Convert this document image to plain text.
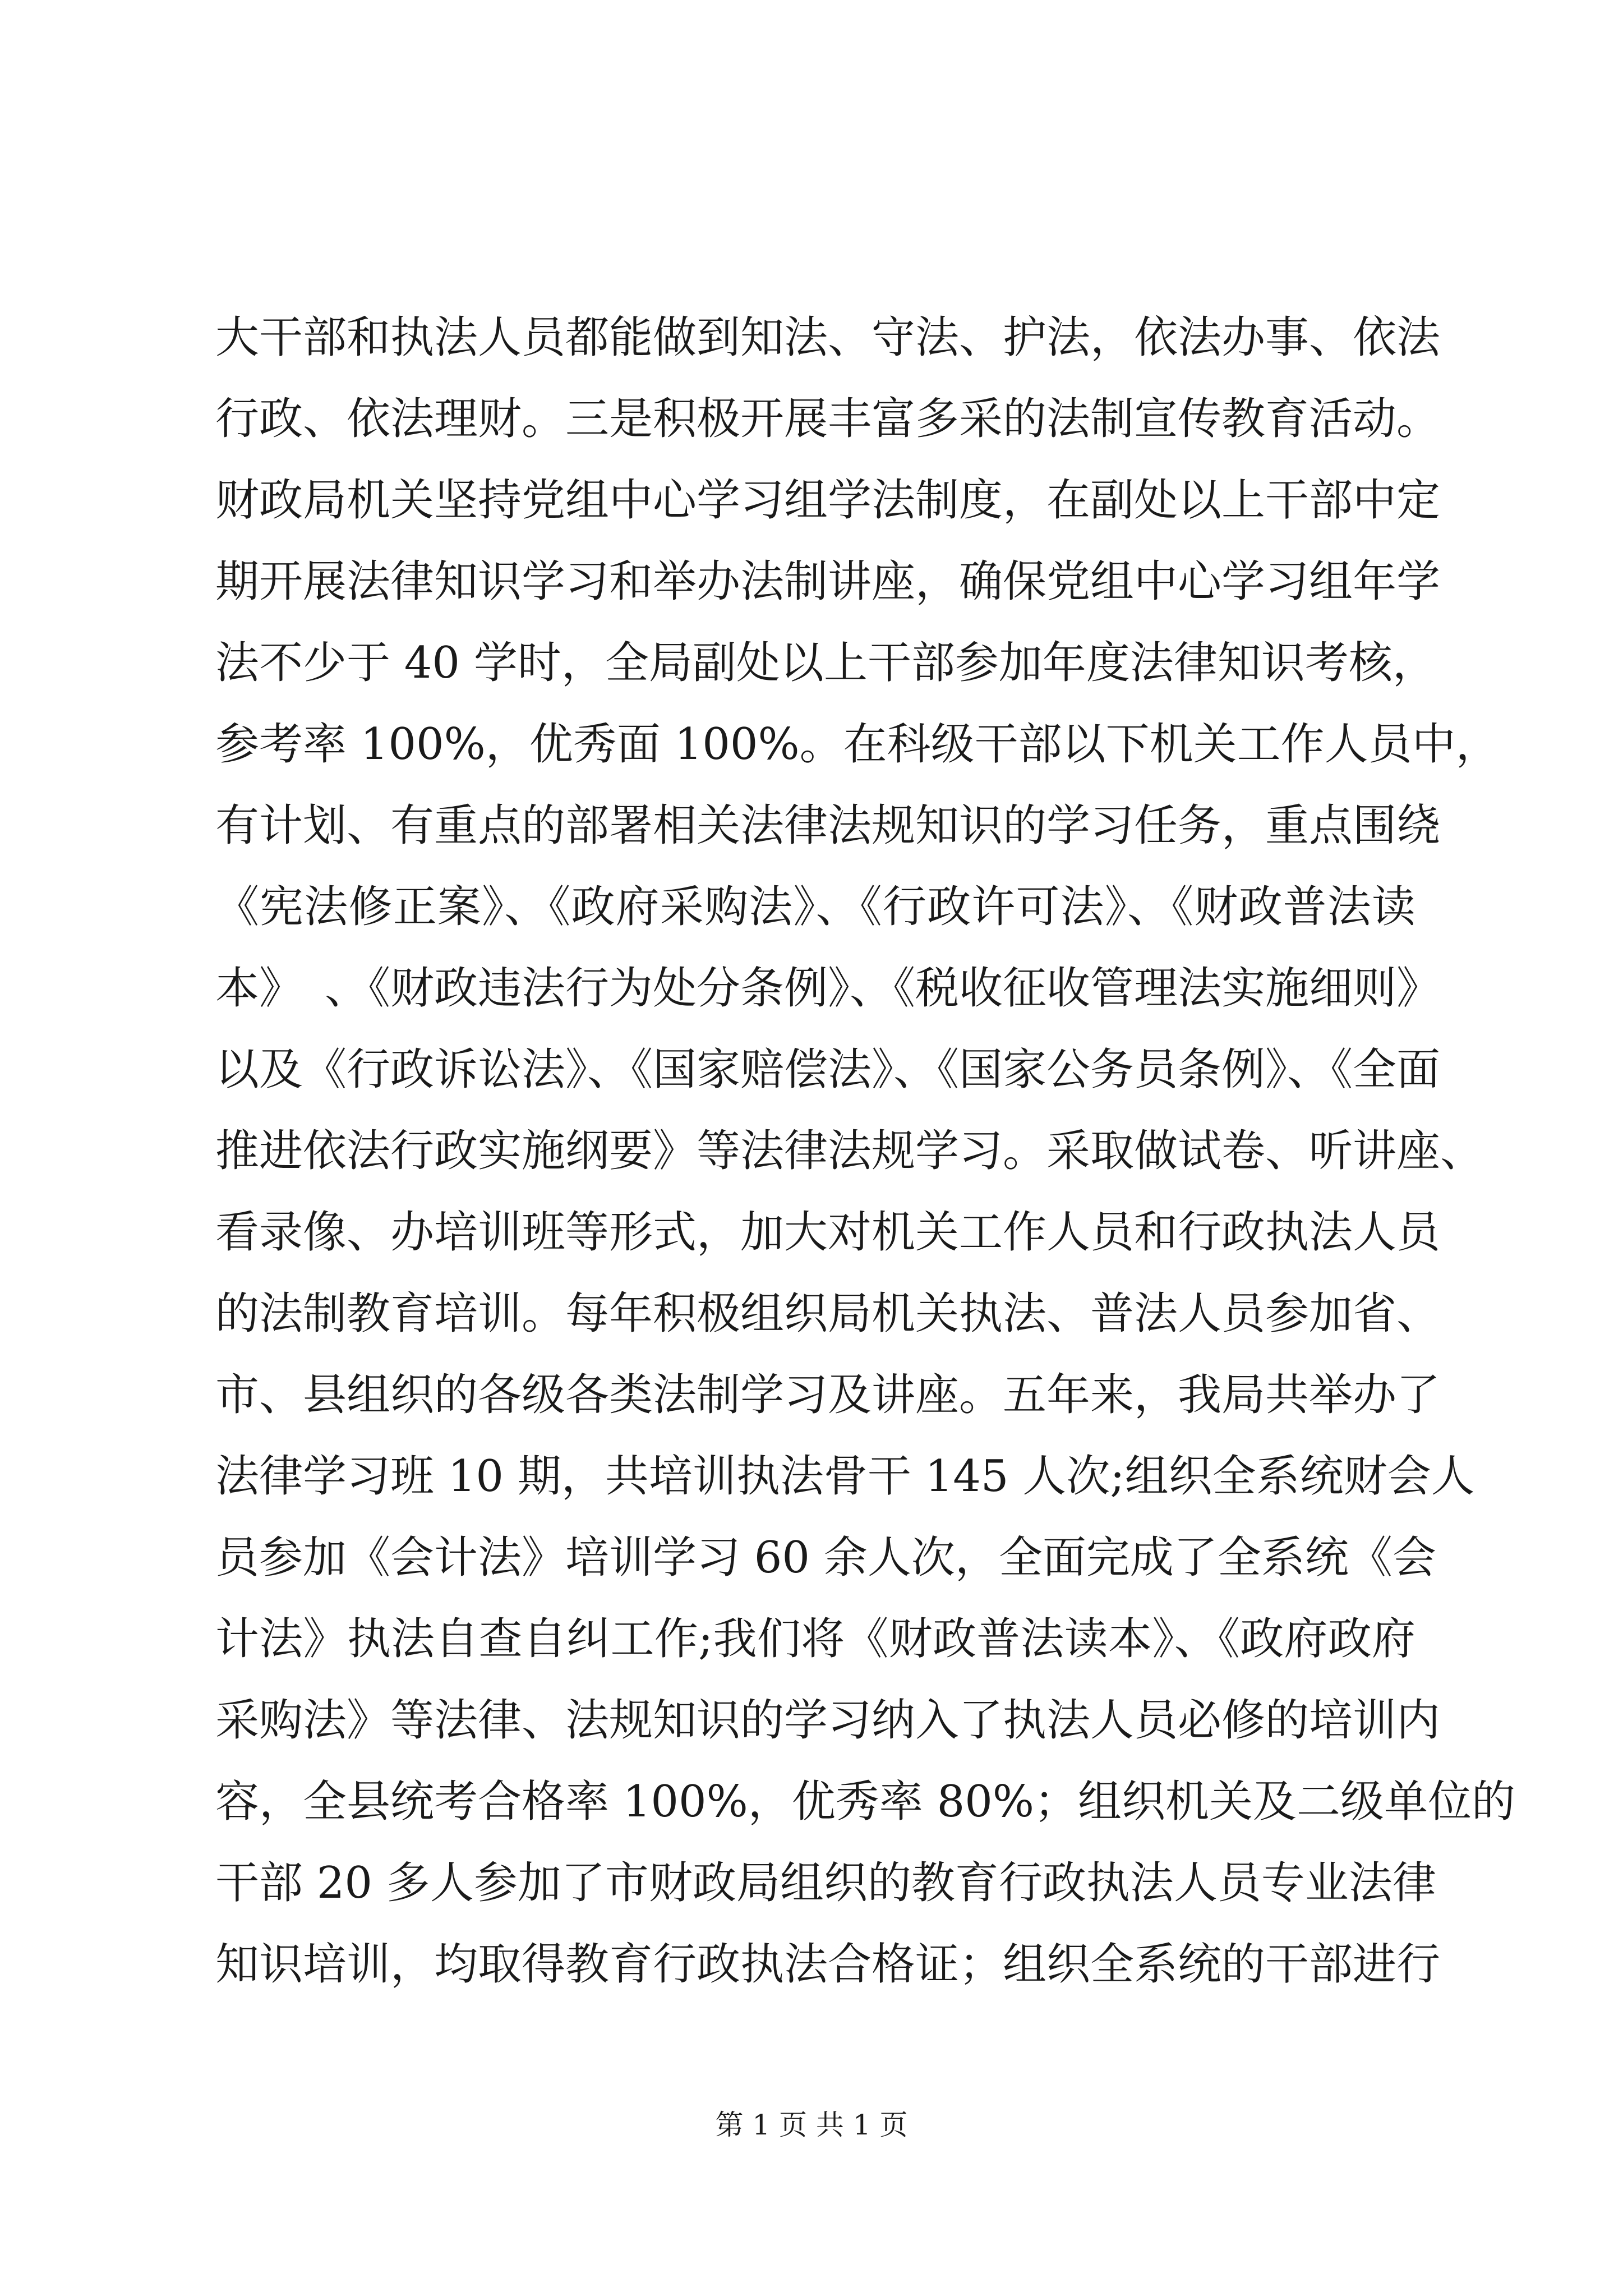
大干部和执法人员都能做到知法、守法、护法，依法办事、依法
行政、依法理财。三是积极开展丰富多采的法制宣传教育活动。
财政局机关坚持党组中心学习组学法制度，在副处以上干部中定
期开展法律知识学习和举办法制讲座，确保党组中心学习组年学
法不少于 40 学时，全局副处以上干部参加年度法律知识考核，
参考率 100%，优秀面 100%。在科级干部以下机关工作人员中，
有计划、有重点的部署相关法律法规知识的学习任务，重点围绕
《宪法修正案》、《政府采购法》、《行政许可法》、《财政普法读
本》　、《财政违法行为处分条例》、《税收征收管理法实施细则》
以及《行政诉讼法》、《国家赔偿法》、《国家公务员条例》、《全面
推进依法行政实施纲要》等法律法规学习。采取做试卷、听讲座、
看录像、办培训班等形式，加大对机关工作人员和行政执法人员
的法制教育培训。每年积极组织局机关执法、普法人员参加省、
市、县组织的各级各类法制学习及讲座。五年来，我局共举办了
法律学习班 10 期，共培训执法骨干 145 人次;组织全系统财会人
员参加《会计法》培训学习 60 余人次，全面完成了全系统《会
计法》执法自查自纠工作;我们将《财政普法读本》、《政府政府
采购法》等法律、法规知识的学习纳入了执法人员必修的培训内
容，全县统考合格率 100%，优秀率 80%；组织机关及二级单位的
干部 20 多人参加了市财政局组织的教育行政执法人员专业法律
知识培训，均取得教育行政执法合格证；组织全系统的干部进行
第 1 页 共 1 页
